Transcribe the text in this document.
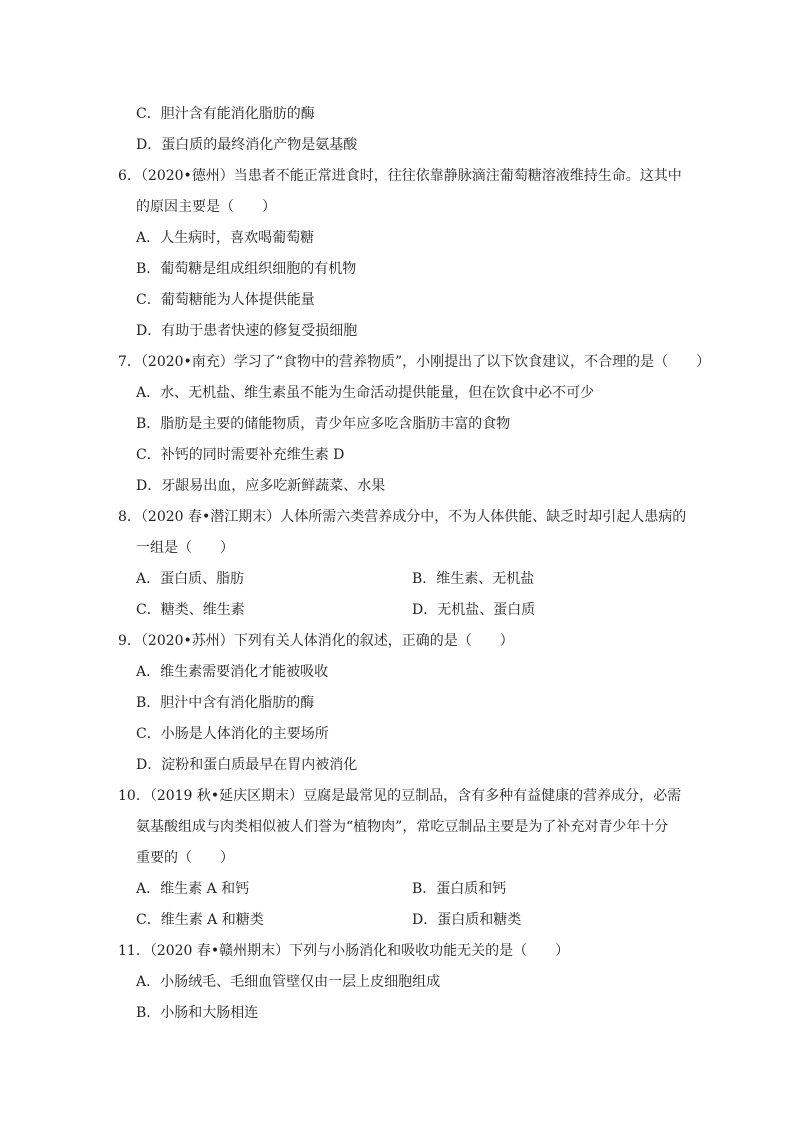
C．胆汁含有能消化脂肪的酶
D．蛋白质的最终消化产物是氨基酸
6．（2020•德州）当患者不能正常进食时，往往依靠静脉滴注葡萄糖溶液维持生命。这其中
的原因主要是（　　）
A．人生病时，喜欢喝葡萄糖
B．葡萄糖是组成组织细胞的有机物
C．葡萄糖能为人体提供能量
D．有助于患者快速的修复受损细胞
7．（2020•南充）学习了“食物中的营养物质”，小刚提出了以下饮食建议，不合理的是（　　）
A．水、无机盐、维生素虽不能为生命活动提供能量，但在饮食中必不可少
B．脂肪是主要的储能物质，青少年应多吃含脂肪丰富的食物
C．补钙的同时需要补充维生素 D
D．牙龈易出血，应多吃新鲜蔬菜、水果
8．（2020 春•潜江期末）人体所需六类营养成分中，不为人体供能、缺乏时却引起人患病的
一组是（　　）
A．蛋白质、脂肪	B．维生素、无机盐
C．糖类、维生素	D．无机盐、蛋白质
9．（2020•苏州）下列有关人体消化的叙述，正确的是（　　）
A．维生素需要消化才能被吸收
B．胆汁中含有消化脂肪的酶
C．小肠是人体消化的主要场所
D．淀粉和蛋白质最早在胃内被消化
10．（2019 秋•延庆区期末）豆腐是最常见的豆制品，含有多种有益健康的营养成分，必需
氨基酸组成与肉类相似被人们誉为“植物肉”，常吃豆制品主要是为了补充对青少年十分
重要的（　　）
A．维生素 A 和钙	B．蛋白质和钙
C．维生素 A 和糖类	D．蛋白质和糖类
11．（2020 春•赣州期末）下列与小肠消化和吸收功能无关的是（　　）
A．小肠绒毛、毛细血管壁仅由一层上皮细胞组成
B．小肠和大肠相连
